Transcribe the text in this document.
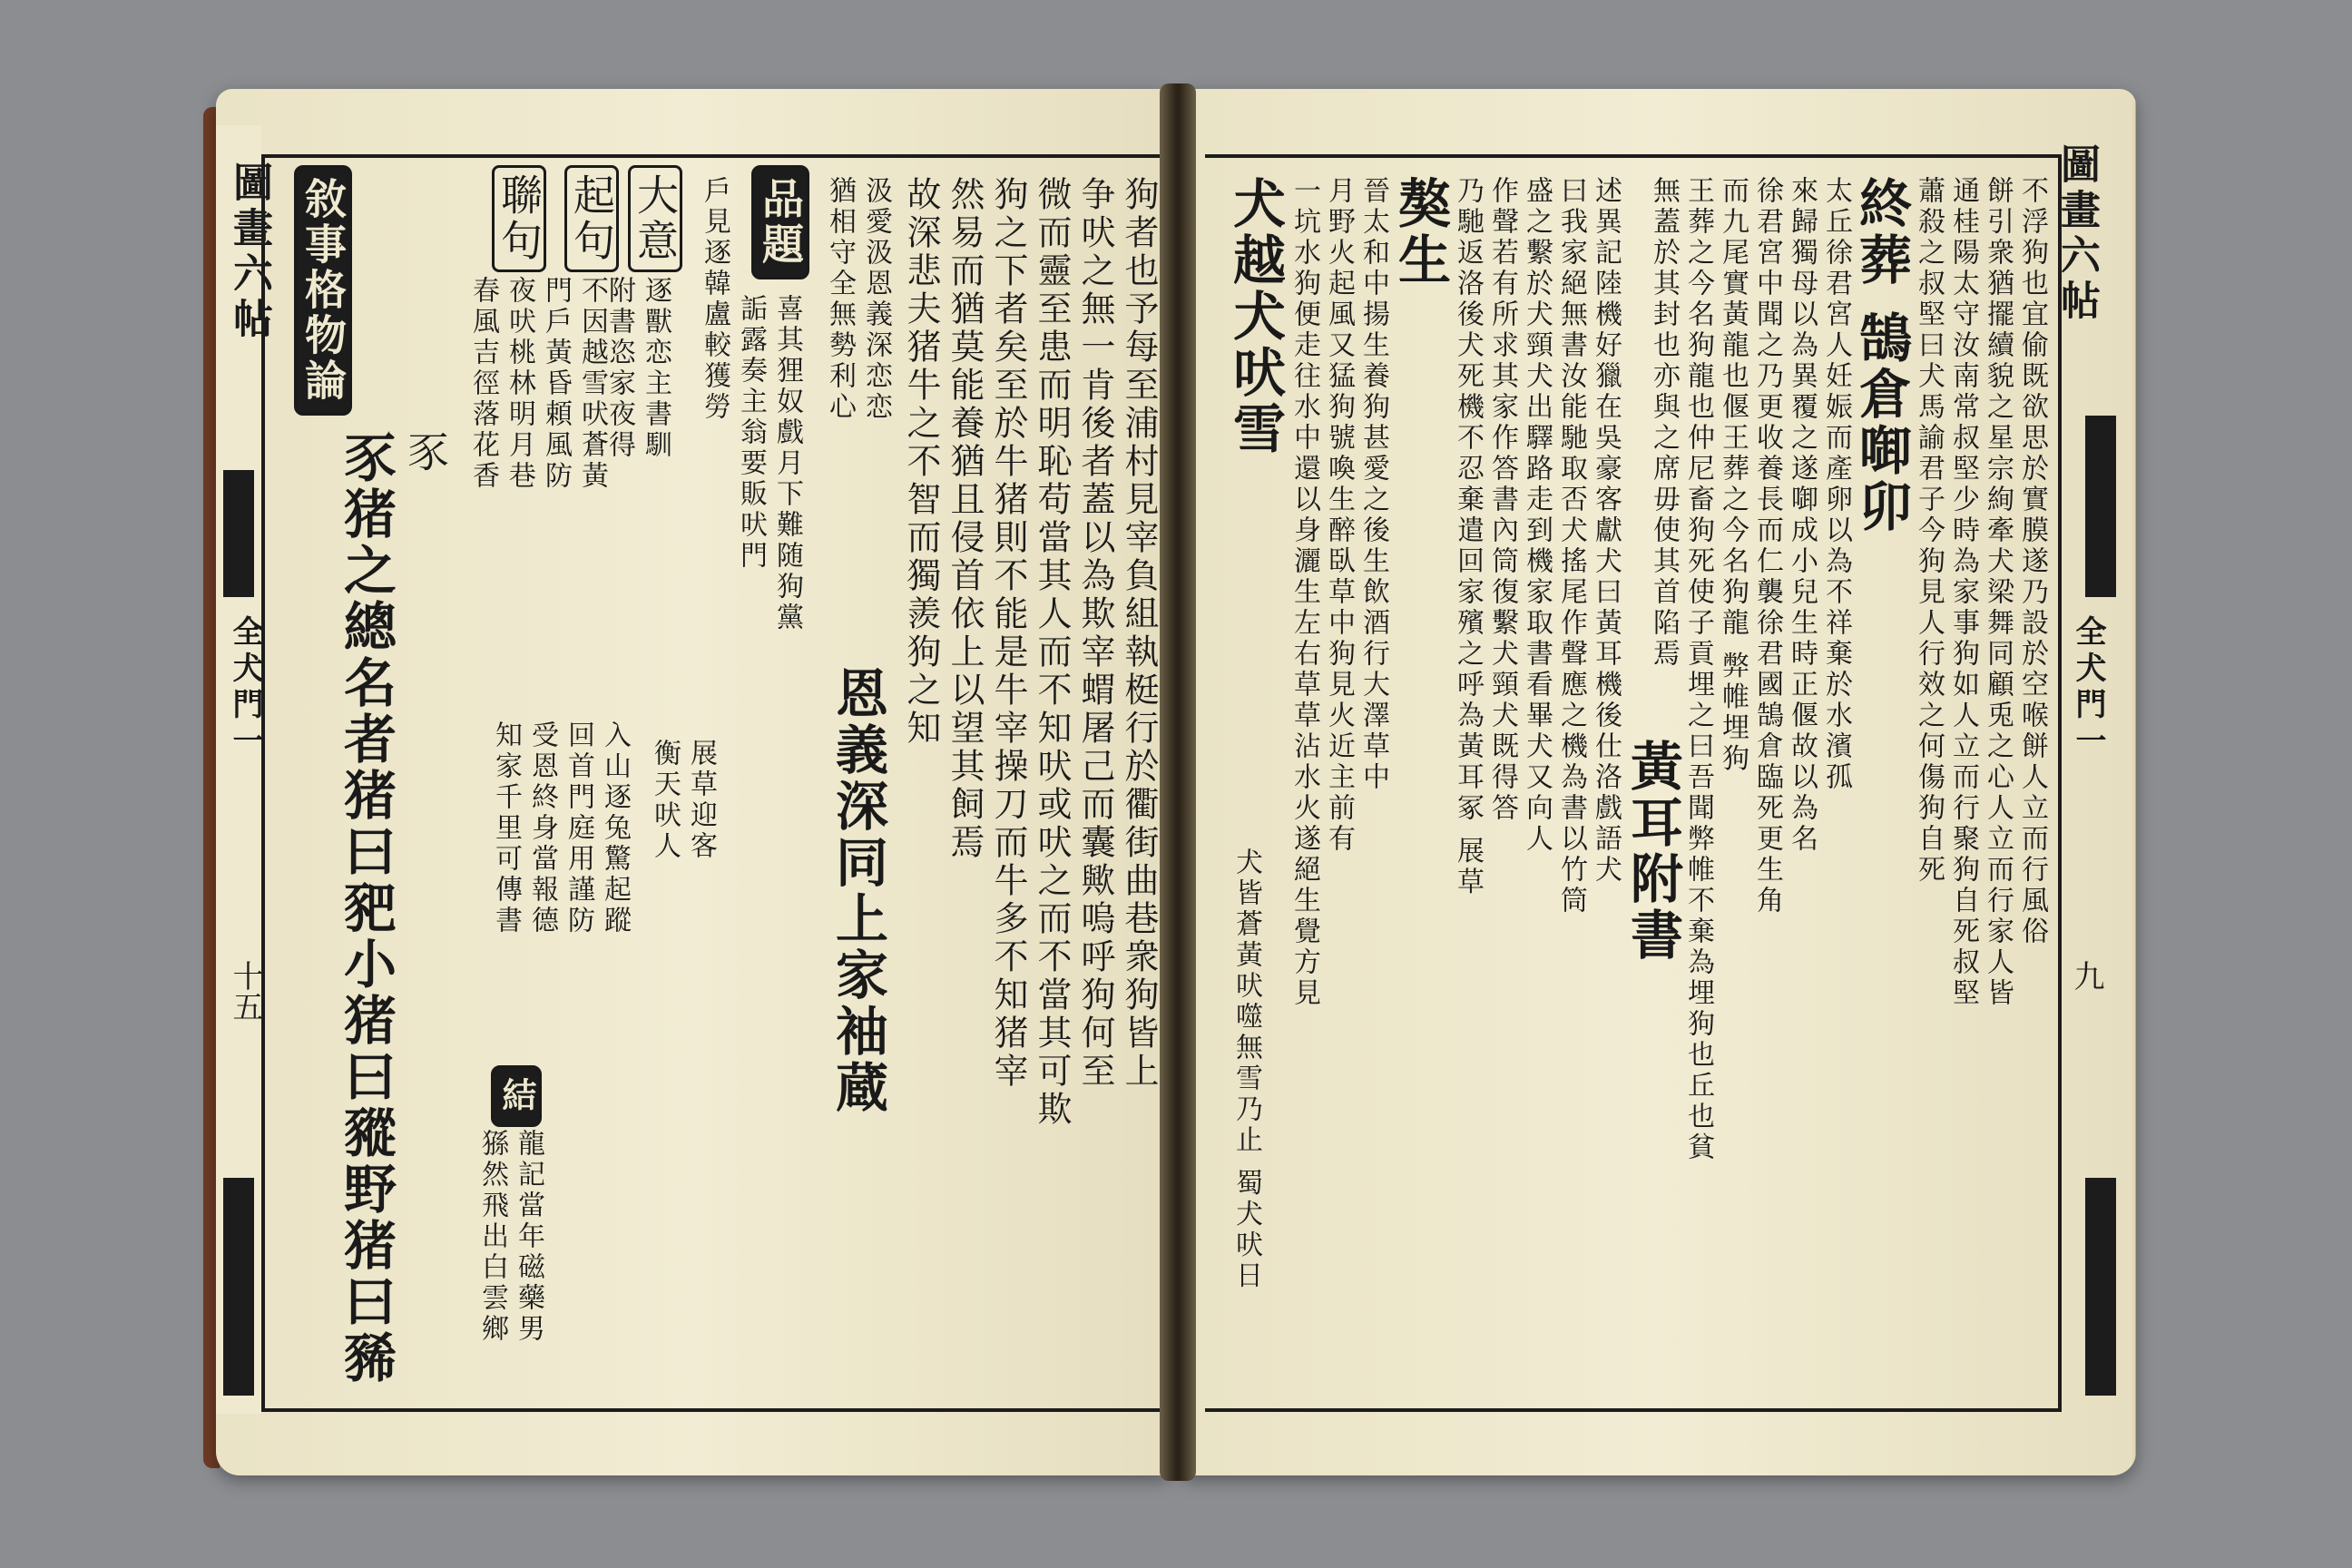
圖畫六帖
全犬門一
十五	狗者也予每至浦村見宰負組執梃行於衢街曲巷衆狗皆上
争吠之無一肯後者蓋以為欺宰蝟屠己而囊歟嗚呼狗何至
微而靈至患而明恥苟當其人而不知吠或吠之而不當其可欺
狗之下者矣至於牛猪則不能是牛宰操刀而牛多不知猪宰
然易而猶莫能養猶且侵首依上以望其飼焉
故深悲夫猪牛之不智而獨羨狗之知
汲愛汲恩義深恋恋
猶相守全無勢利心
恩義深同上家袖蔵
品題
喜其狸奴戲月下難随狗黨
詬露奏主翁要販吠門
戶見逐韓盧較獲勞
大意
逐獸恋主書馴
附書恣家夜得
起句
不因越雪吠蒼黃
門戶黃昏頼風防
聯句
夜吠桃林明月巷
春風吉徑落花香
展草迎客
衡天吠人
入山逐兔驚起蹤
回首門庭用謹防
受恩終身當報德
知家千里可傳書
結
龍記當年磁藥男
猻然飛出白雲鄉
豕
豕猪之總名者猪曰豝小猪曰豵野猪曰豨
敘事格物論	不浮狗也宜偷既欲思於實膜遂乃設於空喉餅人立而行風俗
餅引衆猶擺續貌之星宗絢牽犬梁舞同顧兎之心人立而行家人皆
通桂陽太守汝南常叔堅少時為家事狗如人立而行聚狗自死叔堅
蕭殺之叔堅曰犬馬諭君子今狗見人行效之何傷狗自死
終葬 鵠倉啣卯
太丘徐君宮人妊娠而產卵以為不祥棄於水濱孤
來歸獨母以為異覆之遂啣成小兒生時正偃故以為名
徐君宮中聞之乃更收養長而仁襲徐君國鵠倉臨死更生角
而九尾實黃龍也偃王葬之今名狗龍 弊帷埋狗
王葬之今名狗龍也仲尼畜狗死使子貢埋之曰吾聞弊帷不棄為埋狗也丘也貧
無蓋於其封也亦與之席毋使其首陷焉
黃耳附書
述異記陸機好獵在吳豪客獻犬曰黃耳機後仕洛戲語犬
曰我家絕無書汝能馳取否犬搖尾作聲應之機為書以竹筒
盛之繫於犬頸犬出驛路走到機家取書看畢犬又向人
作聲若有所求其家作答書內筒復繫犬頸犬既得答
乃馳返洛後犬死機不忍棄遣回家殯之呼為黃耳冢 展草
獒生
晉太和中揚生養狗甚愛之後生飲酒行大澤草中
月野火起風又猛狗號喚生醉臥草中狗見火近主前有
一坑水狗便走往水中還以身灑生左右草草沾水火遂絕生覺方見
犬越犬吠雪
犬皆蒼黃吠噬無雪乃止 蜀犬吠日
圖畫六帖
全犬門一
九
